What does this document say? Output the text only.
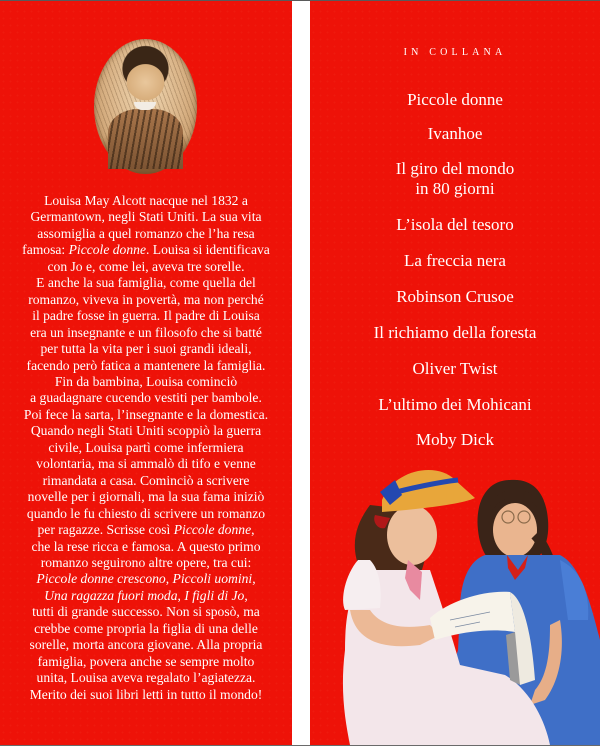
Louisa May Alcott nacque nel 1832 a
Germantown, negli Stati Uniti. La sua vita
assomiglia a quel romanzo che l’ha resa
famosa: Piccole donne. Louisa si identificava
con Jo e, come lei, aveva tre sorelle.
E anche la sua famiglia, come quella del
romanzo, viveva in povertà, ma non perché
il padre fosse in guerra. Il padre di Louisa
era un insegnante e un filosofo che si batté
per tutta la vita per i suoi grandi ideali,
facendo però fatica a mantenere la famiglia.
Fin da bambina, Louisa cominciò
a guadagnare cucendo vestiti per bambole.
Poi fece la sarta, l’insegnante e la domestica.
Quando negli Stati Uniti scoppiò la guerra
civile, Louisa partì come infermiera
volontaria, ma si ammalò di tifo e venne
rimandata a casa. Cominciò a scrivere
novelle per i giornali, ma la sua fama iniziò
quando le fu chiesto di scrivere un romanzo
per ragazze. Scrisse così Piccole donne,
che la rese ricca e famosa. A questo primo
romanzo seguirono altre opere, tra cui:
Piccole donne crescono, Piccoli uomini,
Una ragazza fuori moda, I figli di Jo,
tutti di grande successo. Non si sposò, ma
crebbe come propria la figlia di una delle
sorelle, morta ancora giovane. Alla propria
famiglia, povera anche se sempre molto
unita, Louisa aveva regalato l’agiatezza.
Merito dei suoi libri letti in tutto il mondo!
IN COLLANA
Piccole donne
Ivanhoe
Il giro del mondo
in 80 giorni
L’isola del tesoro
La freccia nera
Robinson Crusoe
Il richiamo della foresta
Oliver Twist
L’ultimo dei Mohicani
Moby Dick
